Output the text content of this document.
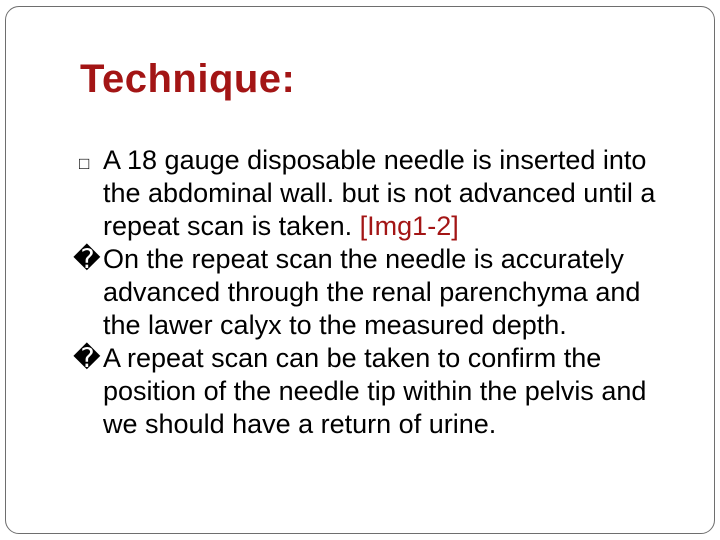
Technique:
□ A 18 gauge disposable needle is inserted into the abdominal wall. but is not advanced until a repeat scan is taken. [Img1-2]
� On the repeat scan the needle is accurately advanced through the renal parenchyma and the lawer calyx to the measured depth.
� A repeat scan can be taken to confirm the position of the needle tip within the pelvis and we should have a return of urine.
